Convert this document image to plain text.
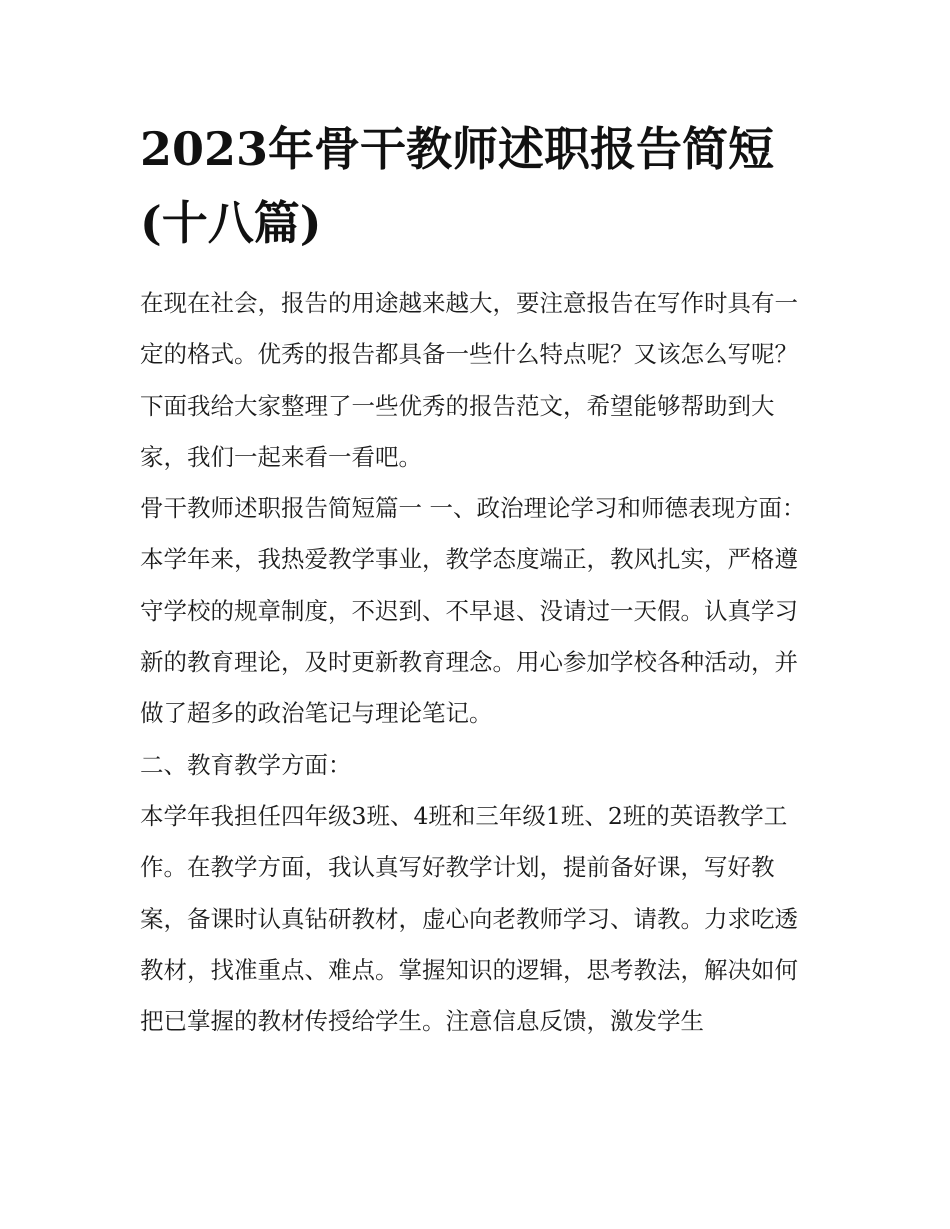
2023年骨干教师述职报告简短(十八篇)

在现在社会，报告的用途越来越大，要注意报告在写作时具有一定的格式。优秀的报告都具备一些什么特点呢？又该怎么写呢？下面我给大家整理了一些优秀的报告范文，希望能够帮助到大家，我们一起来看一看吧。

骨干教师述职报告简短篇一 一、政治理论学习和师德表现方面：

本学年来，我热爱教学事业，教学态度端正，教风扎实，严格遵守学校的规章制度，不迟到、不早退、没请过一天假。认真学习新的教育理论，及时更新教育理念。用心参加学校各种活动，并做了超多的政治笔记与理论笔记。

二、教育教学方面：

本学年我担任四年级3班、4班和三年级1班、2班的英语教学工作。在教学方面，我认真写好教学计划，提前备好课，写好教案，备课时认真钻研教材，虚心向老教师学习、请教。力求吃透教材，找准重点、难点。掌握知识的逻辑，思考教法，解决如何把已掌握的教材传授给学生。注意信息反馈，激发学生
